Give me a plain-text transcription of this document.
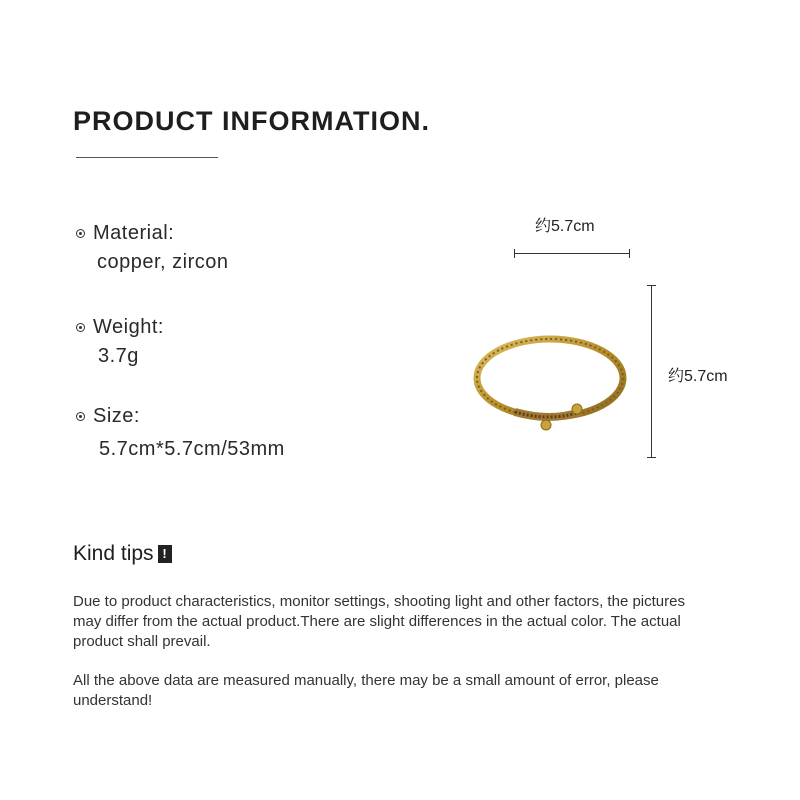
PRODUCT INFORMATION.
Material:
copper, zircon
Weight:
3.7g
Size:
5.7cm*5.7cm/53mm
约5.7cm
约5.7cm
Kind tips !
Due to product characteristics, monitor settings, shooting light and other factors, the pictures may differ from the actual product.There are slight differences in the actual color. The actual product shall prevail.
All the above data are measured manually, there may be a small amount of error, please understand!
